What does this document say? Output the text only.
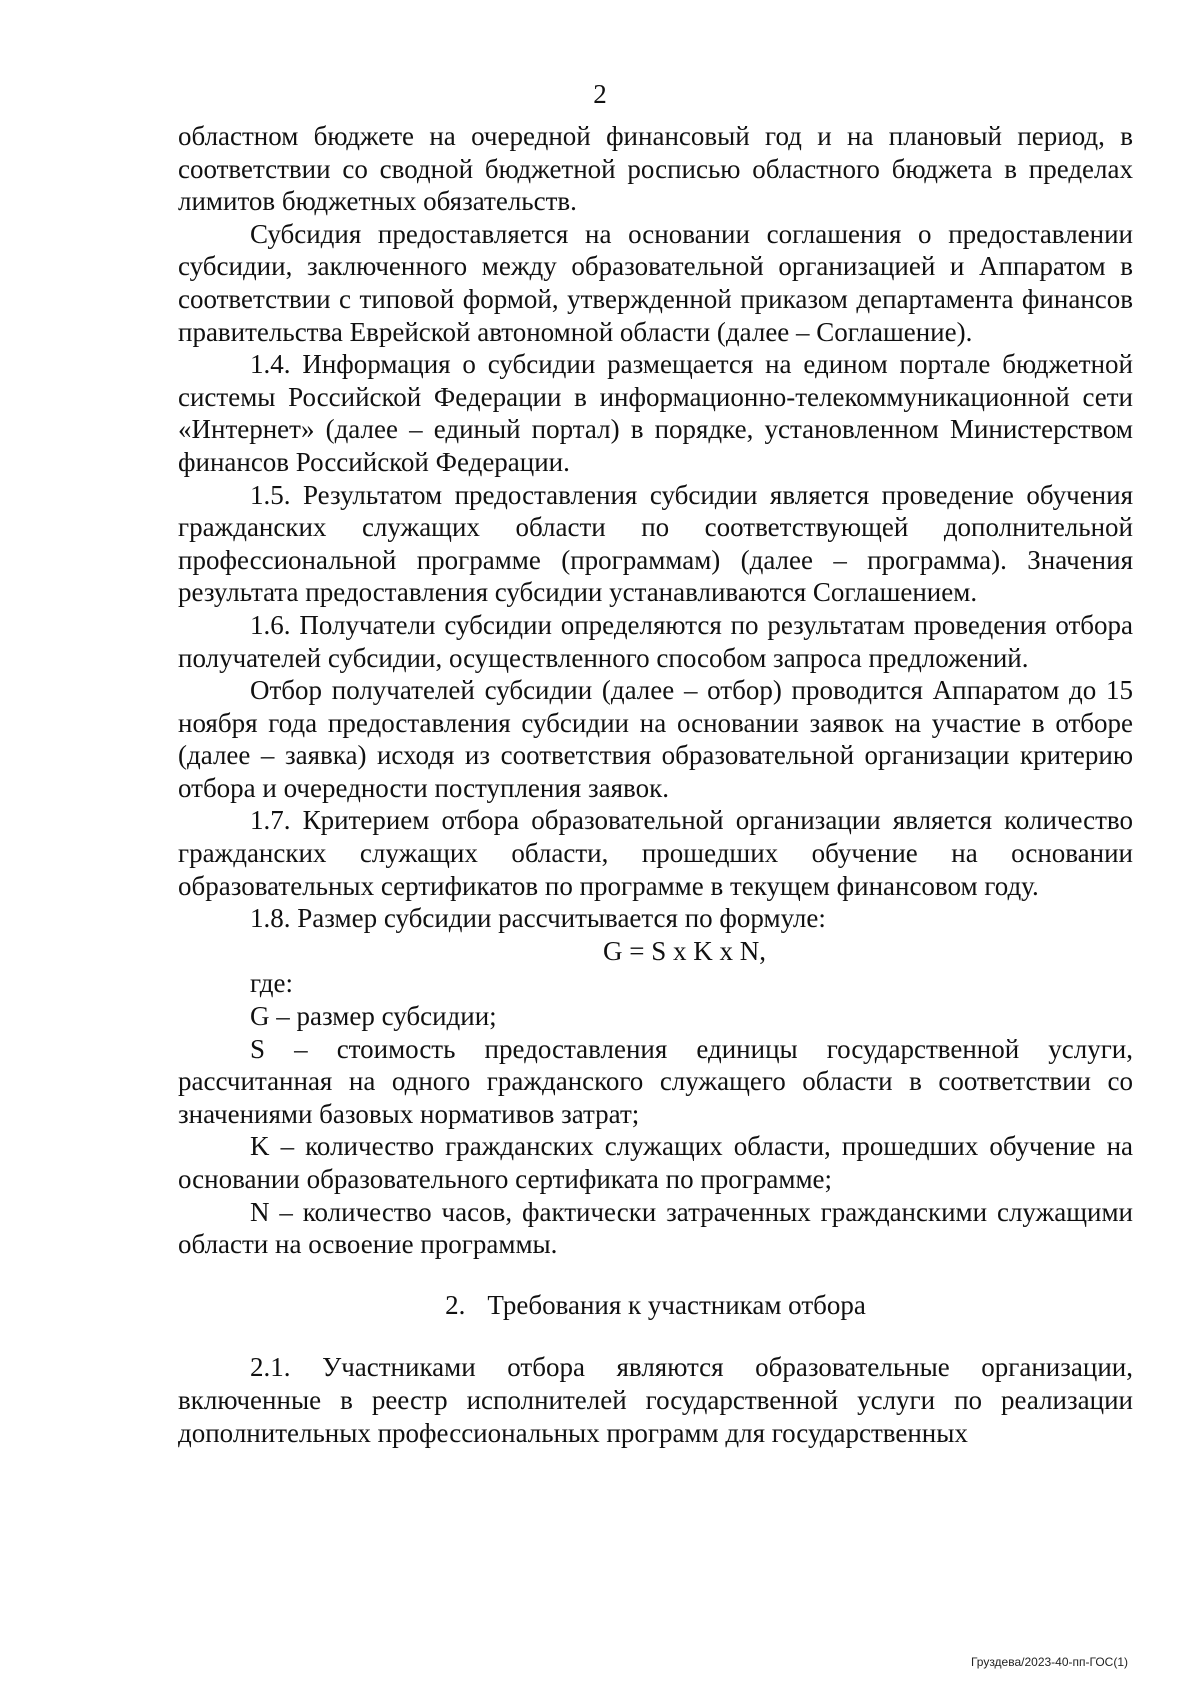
2

областном бюджете на очередной финансовый год и на плановый период, в соответствии со сводной бюджетной росписью областного бюджета в пределах лимитов бюджетных обязательств.

Субсидия предоставляется на основании соглашения о предоставлении субсидии, заключенного между образовательной организацией и Аппаратом в соответствии с типовой формой, утвержденной приказом департамента финансов правительства Еврейской автономной области (далее – Соглашение).

1.4. Информация о субсидии размещается на едином портале бюджетной системы Российской Федерации в информационно-телекоммуникационной сети «Интернет» (далее – единый портал) в порядке, установленном Министерством финансов Российской Федерации.

1.5. Результатом предоставления субсидии является проведение обучения гражданских служащих области по соответствующей дополнительной профессиональной программе (программам) (далее – программа). Значения результата предоставления субсидии устанавливаются Соглашением.

1.6. Получатели субсидии определяются по результатам проведения отбора получателей субсидии, осуществленного способом запроса предложений.

Отбор получателей субсидии (далее – отбор) проводится Аппаратом до 15 ноября года предоставления субсидии на основании заявок на участие в отборе (далее – заявка) исходя из соответствия образовательной организации критерию отбора и очередности поступления заявок.

1.7. Критерием отбора образовательной организации является количество гражданских служащих области, прошедших обучение на основании образовательных сертификатов по программе в текущем финансовом году.

1.8. Размер субсидии рассчитывается по формуле:

G = S x K x N,

где:

G – размер субсидии;

S – стоимость предоставления единицы государственной услуги, рассчитанная на одного гражданского служащего области в соответствии со значениями базовых нормативов затрат;

K – количество гражданских служащих области, прошедших обучение на основании образовательного сертификата по программе;

N – количество часов, фактически затраченных гражданскими служащими области на освоение программы.

2. Требования к участникам отбора

2.1. Участниками отбора являются образовательные организации, включенные в реестр исполнителей государственной услуги по реализации дополнительных профессиональных программ для государственных

Груздева/2023-40-пп-ГОС(1)
